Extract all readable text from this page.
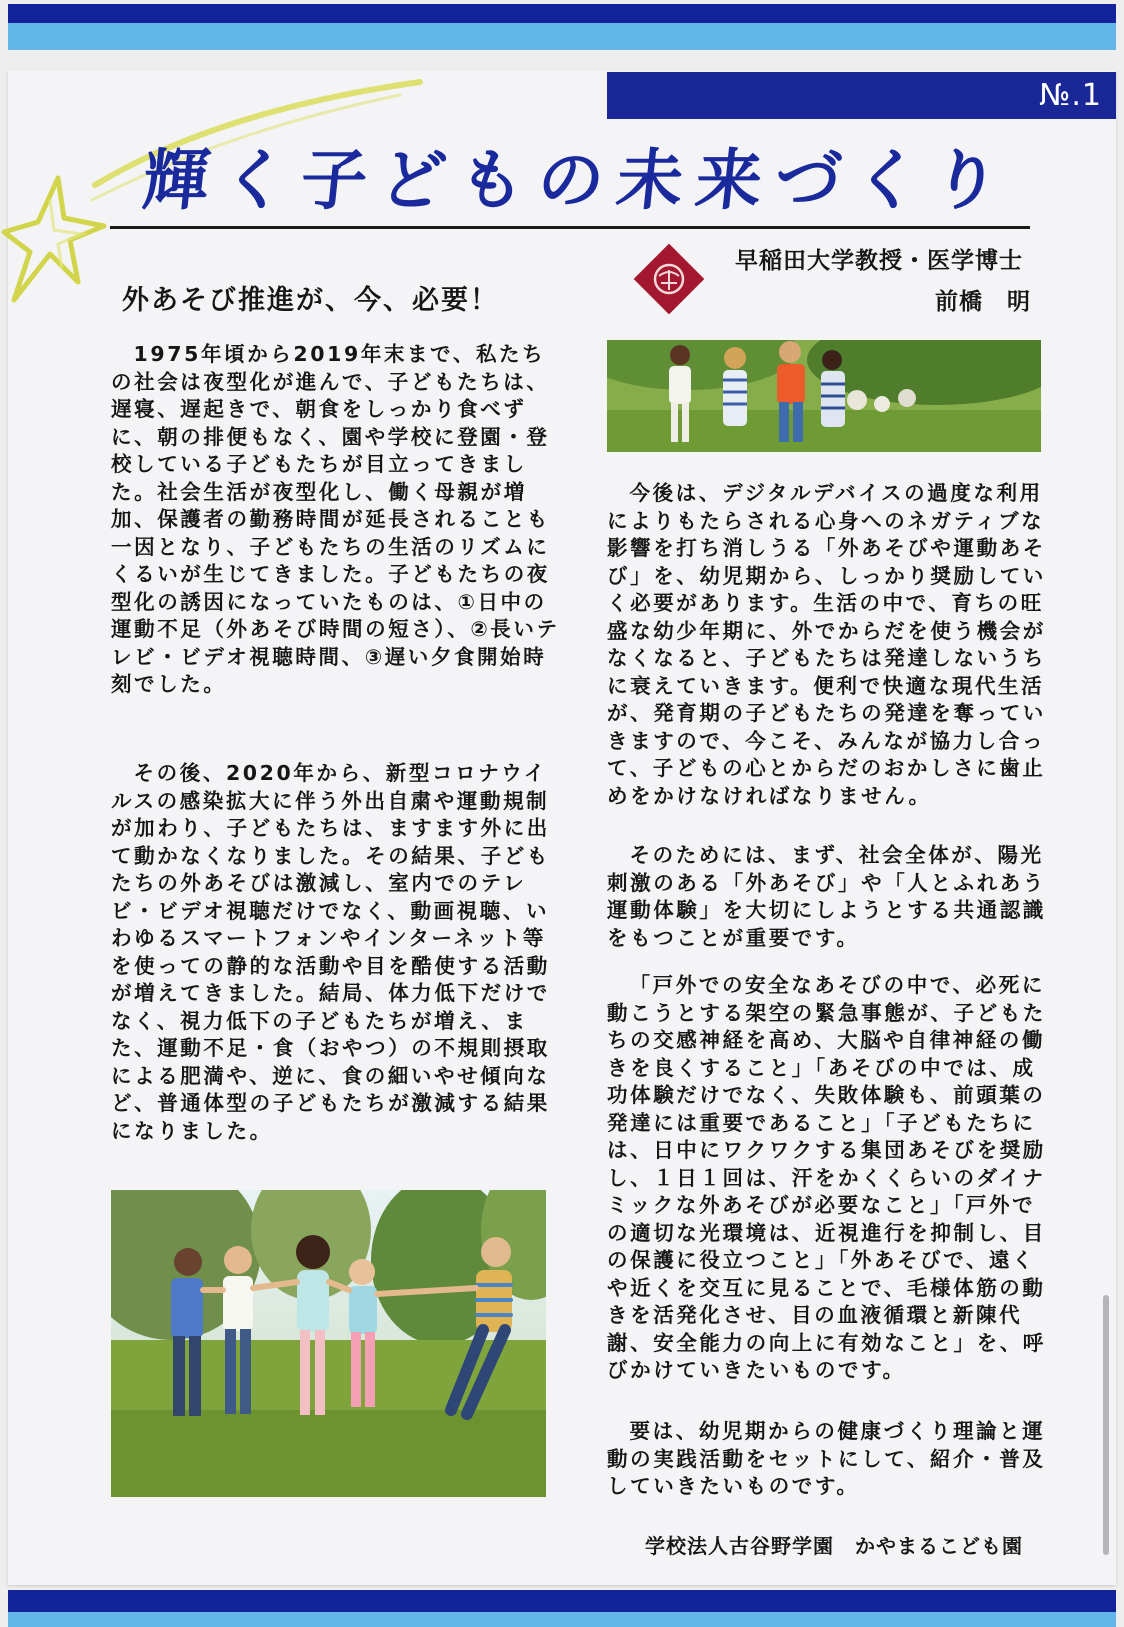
№.1
輝く子どもの未来づくり
外あそび推進が、今、必要！
早稲田大学教授・医学博士
前橋　明

1975年頃から2019年末まで、私たちの社会は夜型化が進んで、子どもたちは、遅寝、遅起きで、朝食をしっかり食べずに、朝の排便もなく、園や学校に登園・登校している子どもたちが目立ってきました。社会生活が夜型化し、働く母親が増加、保護者の勤務時間が延長されることも一因となり、子どもたちの生活のリズムにくるいが生じてきました。子どもたちの夜型化の誘因になっていたものは、①日中の運動不足（外あそび時間の短さ）、②長いテレビ・ビデオ視聴時間、③遅い夕食開始時刻でした。

その後、2020年から、新型コロナウイルスの感染拡大に伴う外出自粛や運動規制が加わり、子どもたちは、ますます外に出て動かなくなりました。その結果、子どもたちの外あそびは激減し、室内でのテレビ・ビデオ視聴だけでなく、動画視聴、いわゆるスマートフォンやインターネット等を使っての静的な活動や目を酷使する活動が増えてきました。結局、体力低下だけでなく、視力低下の子どもたちが増え、また、運動不足・食（おやつ）の不規則摂取による肥満や、逆に、食の細いやせ傾向など、普通体型の子どもたちが激減する結果になりました。

今後は、デジタルデバイスの過度な利用によりもたらされる心身へのネガティブな影響を打ち消しうる「外あそびや運動あそび」を、幼児期から、しっかり奨励していく必要があります。生活の中で、育ちの旺盛な幼少年期に、外でからだを使う機会がなくなると、子どもたちは発達しないうちに衰えていきます。便利で快適な現代生活が、発育期の子どもたちの発達を奪っていきますので、今こそ、みんなが協力し合って、子どもの心とからだのおかしさに歯止めをかけなければなりません。

そのためには、まず、社会全体が、陽光刺激のある「外あそび」や「人とふれあう運動体験」を大切にしようとする共通認識をもつことが重要です。

「戸外での安全なあそびの中で、必死に動こうとする架空の緊急事態が、子どもたちの交感神経を高め、大脳や自律神経の働きを良くすること」「あそびの中では、成功体験だけでなく、失敗体験も、前頭葉の発達には重要であること」「子どもたちには、日中にワクワクする集団あそびを奨励し、１日１回は、汗をかくくらいのダイナミックな外あそびが必要なこと」「戸外での適切な光環境は、近視進行を抑制し、目の保護に役立つこと」「外あそびで、遠くや近くを交互に見ることで、毛様体筋の動きを活発化させ、目の血液循環と新陳代謝、安全能力の向上に有効なこと」を、呼びかけていきたいものです。

要は、幼児期からの健康づくり理論と運動の実践活動をセットにして、紹介・普及していきたいものです。

学校法人古谷野学園　かやまるこども園
